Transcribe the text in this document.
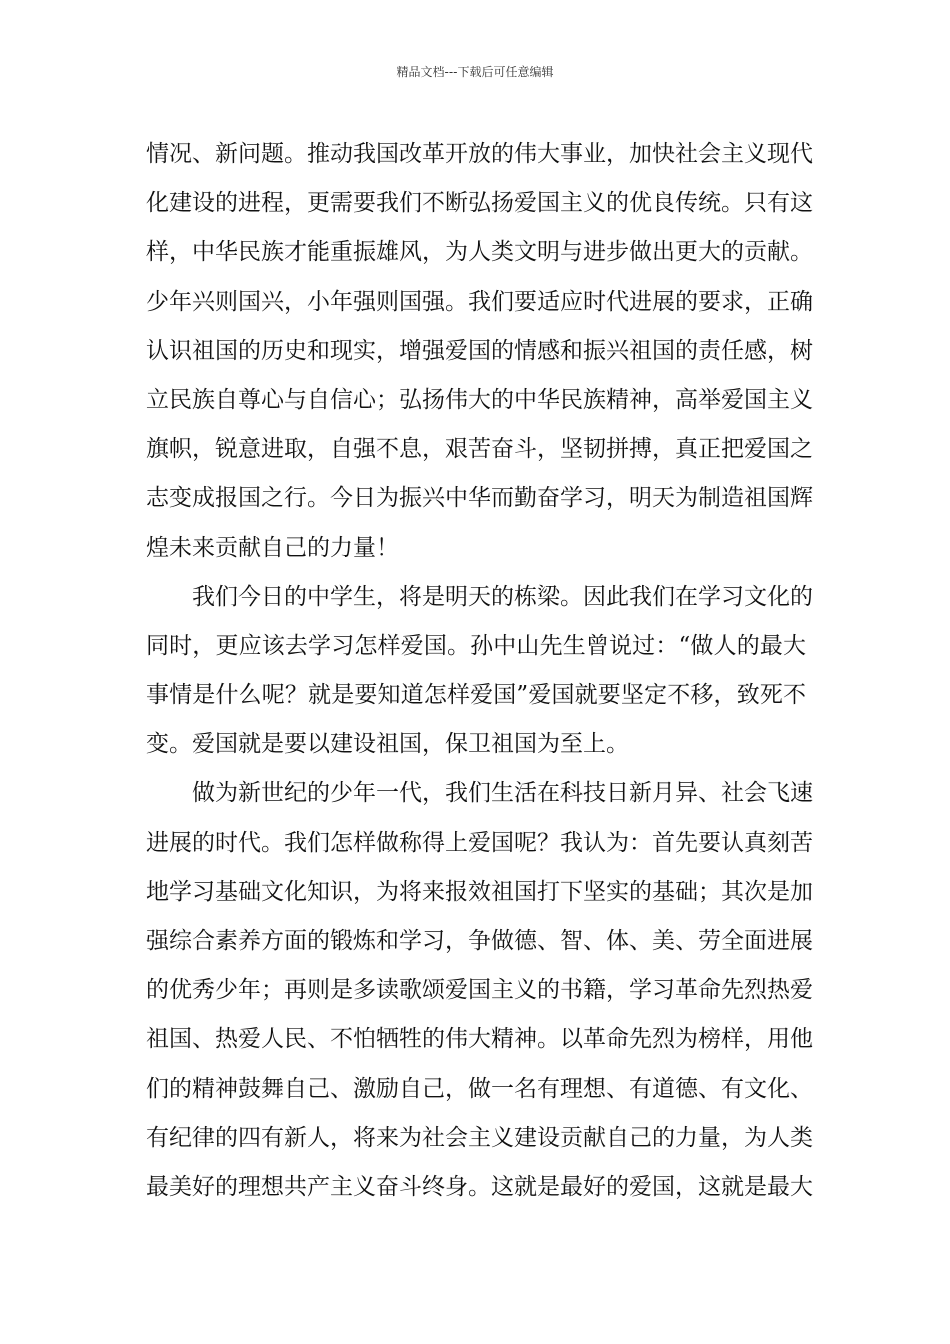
精品文档---下载后可任意编辑
情况、新问题。推动我国改革开放的伟大事业，加快社会主义现代
化建设的进程，更需要我们不断弘扬爱国主义的优良传统。只有这
样，中华民族才能重振雄风，为人类文明与进步做出更大的贡献。
少年兴则国兴，小年强则国强。我们要适应时代进展的要求，正确
认识祖国的历史和现实，增强爱国的情感和振兴祖国的责任感，树
立民族自尊心与自信心；弘扬伟大的中华民族精神，高举爱国主义
旗帜，锐意进取，自强不息，艰苦奋斗，坚韧拼搏，真正把爱国之
志变成报国之行。今日为振兴中华而勤奋学习，明天为制造祖国辉
煌未来贡献自己的力量！
我们今日的中学生，将是明天的栋梁。因此我们在学习文化的
同时，更应该去学习怎样爱国。孙中山先生曾说过：“做人的最大
事情是什么呢？就是要知道怎样爱国”爱国就要坚定不移，致死不
变。爱国就是要以建设祖国，保卫祖国为至上。
做为新世纪的少年一代，我们生活在科技日新月异、社会飞速
进展的时代。我们怎样做称得上爱国呢？我认为：首先要认真刻苦
地学习基础文化知识，为将来报效祖国打下坚实的基础；其次是加
强综合素养方面的锻炼和学习，争做德、智、体、美、劳全面进展
的优秀少年；再则是多读歌颂爱国主义的书籍，学习革命先烈热爱
祖国、热爱人民、不怕牺牲的伟大精神。以革命先烈为榜样，用他
们的精神鼓舞自己、激励自己，做一名有理想、有道德、有文化、
有纪律的四有新人，将来为社会主义建设贡献自己的力量，为人类
最美好的理想共产主义奋斗终身。这就是最好的爱国，这就是最大
